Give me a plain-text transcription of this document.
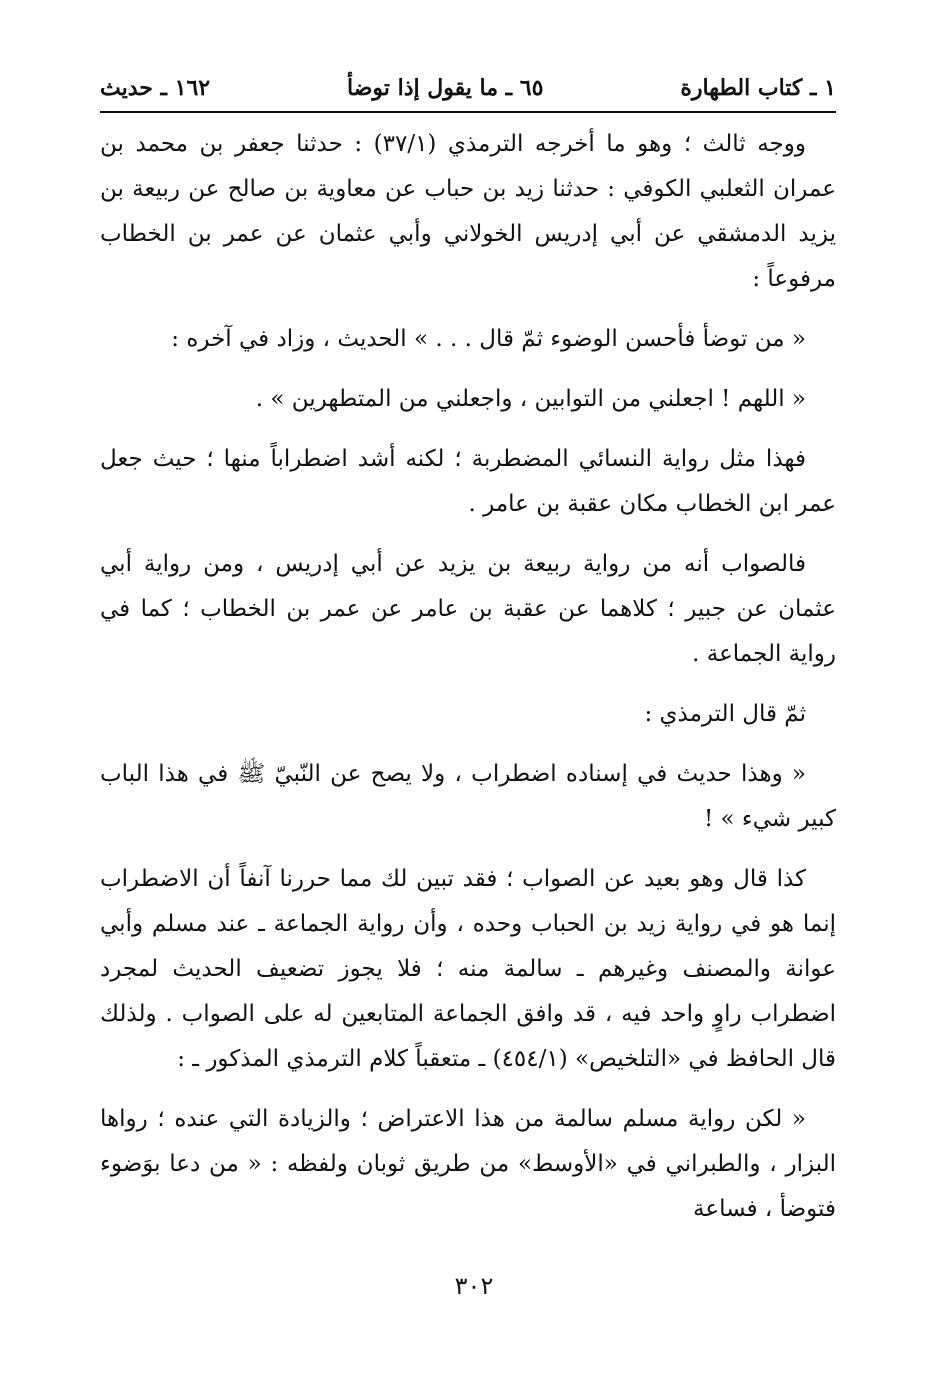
١ ـ كتاب الطهارة
٦٥ ـ ما يقول إذا توضأ
١٦٢ ـ حديث

ووجه ثالث ؛ وهو ما أخرجه الترمذي (٣٧/١) : حدثنا جعفر بن محمد بن عمران الثعلبي الكوفي : حدثنا زيد بن حباب عن معاوية بن صالح عن ربيعة بن يزيد الدمشقي عن أبي إدريس الخولاني وأبي عثمان عن عمر بن الخطاب مرفوعاً :

« من توضأ فأحسن الوضوء ثمّ قال . . . » الحديث ، وزاد في آخره :

« اللهم ! اجعلني من التوابين ، واجعلني من المتطهرين » .

فهذا مثل رواية النسائي المضطربة ؛ لكنه أشد اضطراباً منها ؛ حيث جعل عمر ابن الخطاب مكان عقبة بن عامر .

فالصواب أنه من رواية ربيعة بن يزيد عن أبي إدريس ، ومن رواية أبي عثمان عن جبير ؛ كلاهما عن عقبة بن عامر عن عمر بن الخطاب ؛ كما في رواية الجماعة .

ثمّ قال الترمذي :

« وهذا حديث في إسناده اضطراب ، ولا يصح عن النّبيّ ﷺ في هذا الباب كبير شيء » !

كذا قال وهو بعيد عن الصواب ؛ فقد تبين لك مما حررنا آنفاً أن الاضطراب إنما هو في رواية زيد بن الحباب وحده ، وأن رواية الجماعة ـ عند مسلم وأبي عوانة والمصنف وغيرهم ـ سالمة منه ؛ فلا يجوز تضعيف الحديث لمجرد اضطراب راوٍ واحد فيه ، قد وافق الجماعة المتابعين له على الصواب . ولذلك قال الحافظ في «التلخيص» (٤٥٤/١) ـ متعقباً كلام الترمذي المذكور ـ :

« لكن رواية مسلم سالمة من هذا الاعتراض ؛ والزيادة التي عنده ؛ رواها البزار ، والطبراني في «الأوسط» من طريق ثوبان ولفظه : « من دعا بوَضوء فتوضأ ، فساعة

٣٠٢
